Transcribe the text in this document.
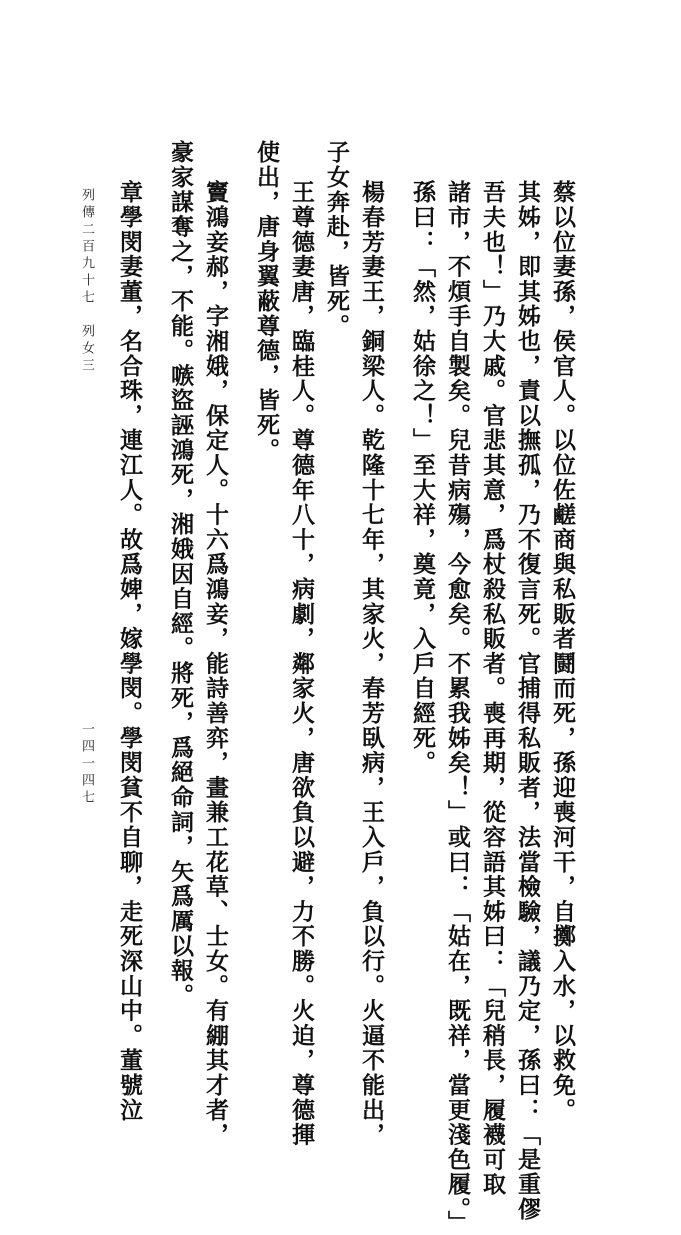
蔡以位妻孫，侯官人。以位佐鹺商與私販者鬪而死，孫迎喪河干，自擲入水，以救免。
其姊，即其姊也，責以撫孤，乃不復言死。官捕得私販者，法當檢驗，議乃定，孫曰：「是重僇
吾夫也！」乃大戚。官悲其意，爲杖殺私販者。喪再期，從容語其姊曰：「兒稍長，履襪可取
諸市，不煩手自製矣。兒昔病殤，今愈矣。不累我姊矣！」或曰：「姑在，既祥，當更淺色履。」
孫曰：「然，姑徐之！」至大祥，奠竟，入戶自經死。
楊春芳妻王，銅梁人。乾隆十七年，其家火，春芳臥病，王入戶，負以行。火逼不能出，
子女奔赴，皆死。
王尊德妻唐，臨桂人。尊德年八十，病劇，鄰家火，唐欲負以避，力不勝。火迫，尊德揮
使出，唐身翼蔽尊德，皆死。
竇鴻妾郝，字湘娥，保定人。十六爲鴻妾，能詩善弈，畫兼工花草、士女。有綳其才者，
豪家謀奪之，不能。嗾盜誣鴻死，湘娥因自經。將死，爲絕命詞，矢爲厲以報。
章學閔妻董，名合珠，連江人。故爲婢，嫁學閔。學閔貧不自聊，走死深山中。董號泣
列傳二百九十七　列女三
一四一四七
